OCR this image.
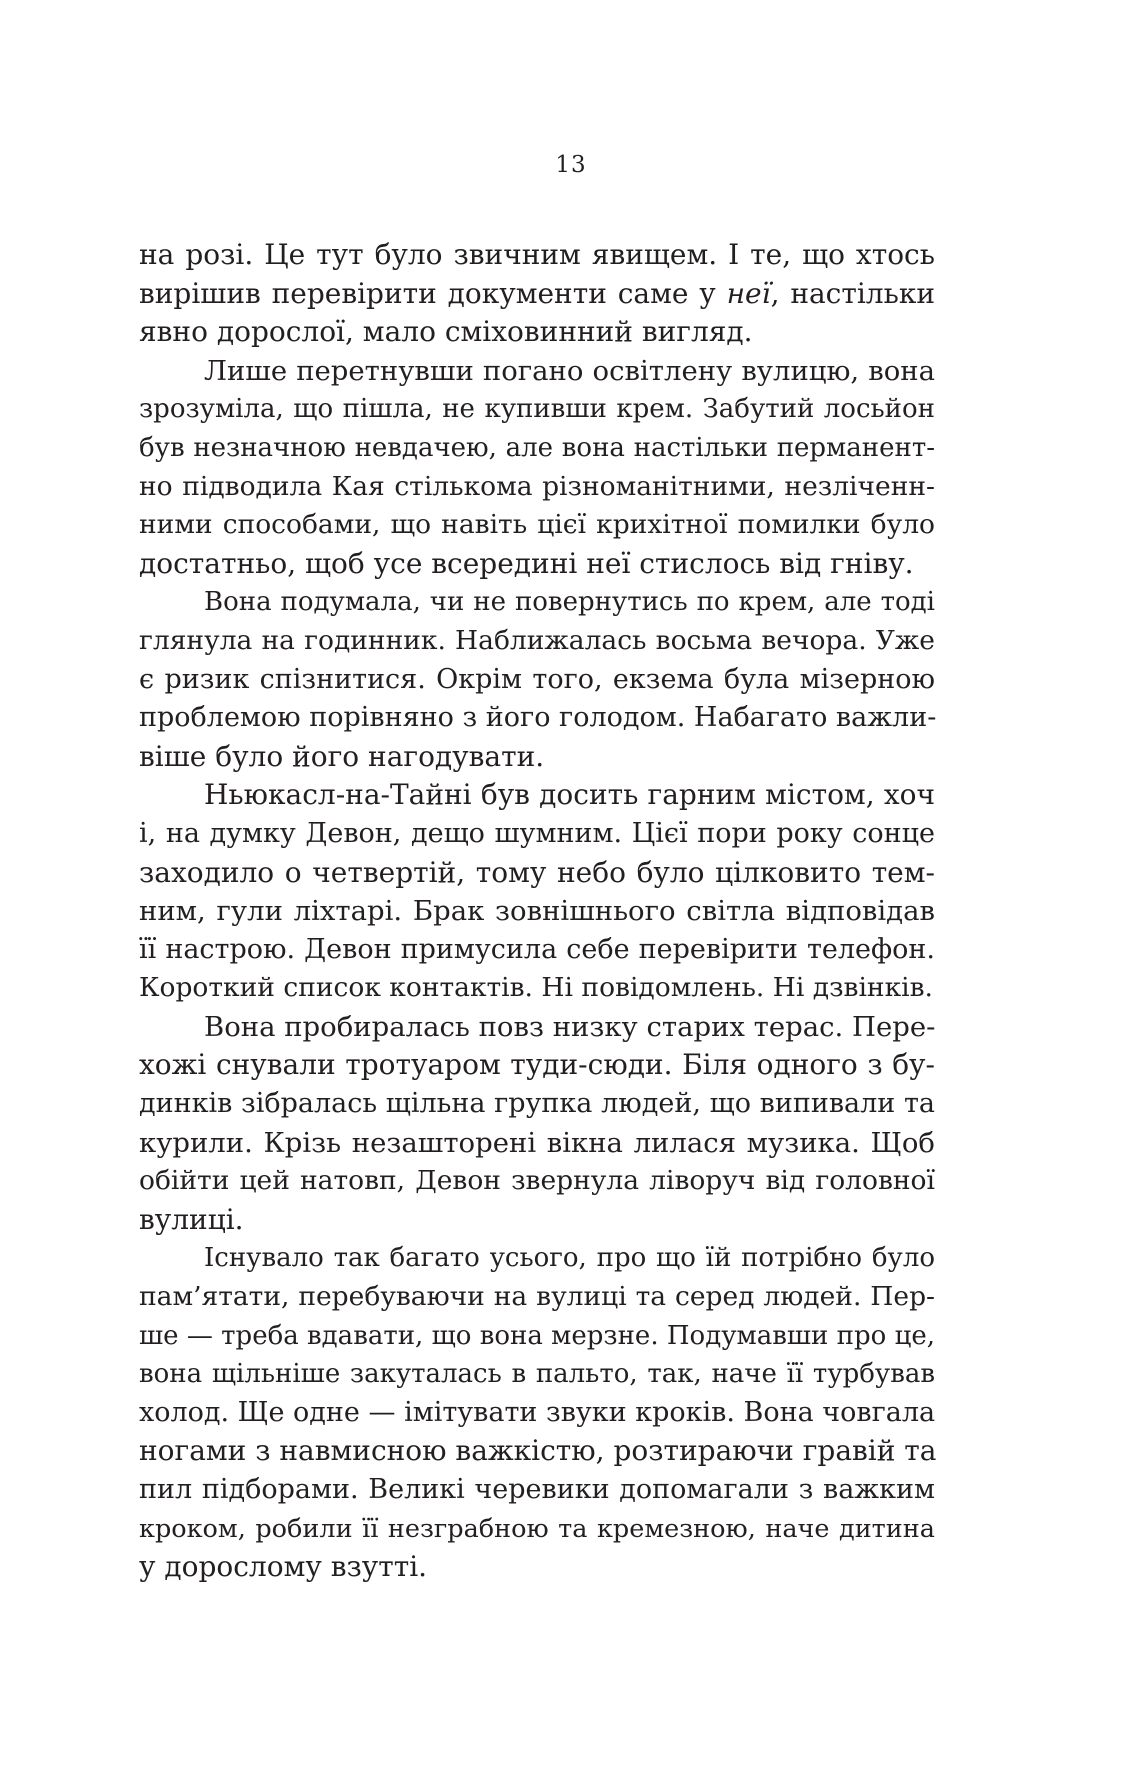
13
на розі. Це тут було звичним явищем. І те, що хтось
вирішив перевірити документи саме у неї, настільки
явно дорослої, мало сміховинний вигляд.
Лише перетнувши погано освітлену вулицю, вона
зрозуміла, що пішла, не купивши крем. Забутий лосьйон
був незначною невдачею, але вона настільки перманент-
но підводила Кая стількома різноманітними, незліченн-
ними способами, що навіть цієї крихітної помилки було
достатньо, щоб усе всередині неї стислось від гніву.
Вона подумала, чи не повернутись по крем, але тоді
глянула на годинник. Наближалась восьма вечора. Уже
є ризик спізнитися. Окрім того, екзема була мізерною
проблемою порівняно з його голодом. Набагато важли-
віше було його нагодувати.
Ньюкасл-на-Тайні був досить гарним містом, хоч
і, на думку Девон, дещо шумним. Цієї пори року сонце
заходило о четвертій, тому небо було цілковито тем-
ним, гули ліхтарі. Брак зовнішнього світла відповідав
її настрою. Девон примусила себе перевірити телефон.
Короткий список контактів. Ні повідомлень. Ні дзвінків.
Вона пробиралась повз низку старих терас. Пере-
хожі снували тротуаром туди-сюди. Біля одного з бу-
динків зібралась щільна групка людей, що випивали та
курили. Крізь незашторені вікна лилася музика. Щоб
обійти цей натовп, Девон звернула ліворуч від головної
вулиці.
Існувало так багато усього, про що їй потрібно було
пам’ятати, перебуваючи на вулиці та серед людей. Пер-
ше — треба вдавати, що вона мерзне. Подумавши про це,
вона щільніше закуталась в пальто, так, наче її турбував
холод. Ще одне — імітувати звуки кроків. Вона човгала
ногами з навмисною важкістю, розтираючи гравій та
пил підборами. Великі черевики допомагали з важким
кроком, робили її незграбною та кремезною, наче дитина
у дорослому взутті.
